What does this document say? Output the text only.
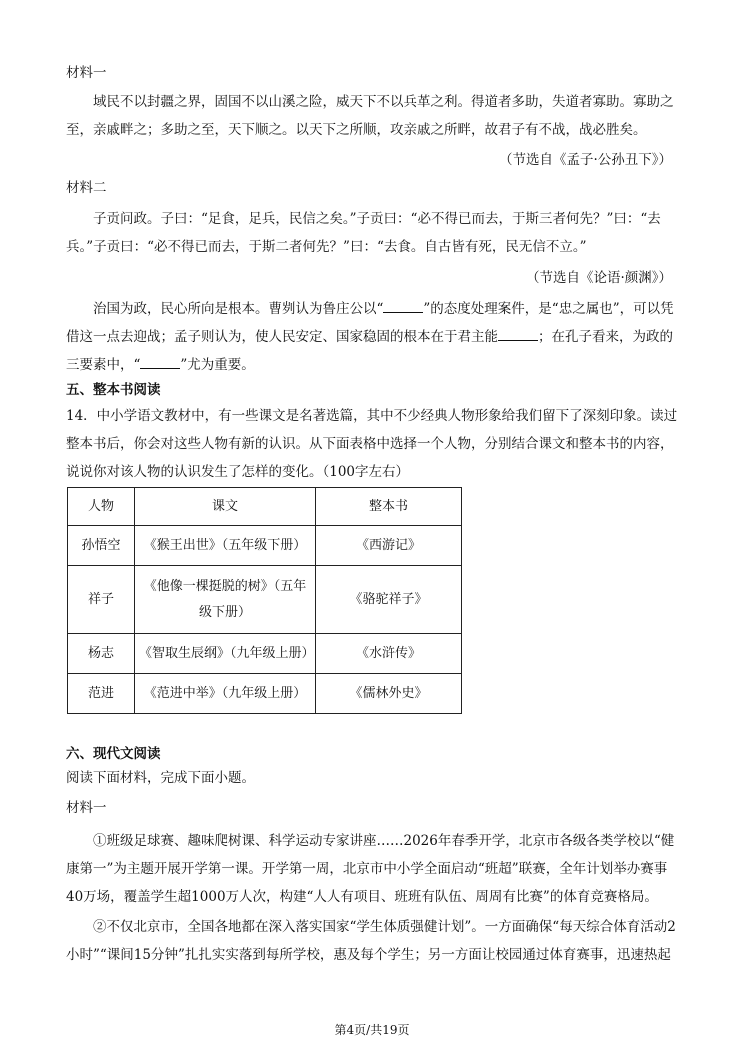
材料一

域民不以封疆之界，固国不以山溪之险，威天下不以兵革之利。得道者多助，失道者寡助。寡助之至，亲戚畔之；多助之至，天下顺之。以天下之所顺，攻亲戚之所畔，故君子有不战，战必胜矣。

（节选自《孟子·公孙丑下》）

材料二

子贡问政。子曰：“足食，足兵，民信之矣。”子贡曰：“必不得已而去，于斯三者何先？”曰：“去兵。”子贡曰：“必不得已而去，于斯二者何先？”曰：“去食。自古皆有死，民无信不立。”

（节选自《论语·颜渊》）

治国为政，民心所向是根本。曹刿认为鲁庄公以“	”的态度处理案件，是“忠之属也”，可以凭借这一点去迎战；孟子则认为，使人民安定、国家稳固的根本在于君主能	；在孔子看来，为政的三要素中，“	”尤为重要。

五、整本书阅读

14．中小学语文教材中，有一些课文是名著选篇，其中不少经典人物形象给我们留下了深刻印象。读过整本书后，你会对这些人物有新的认识。从下面表格中选择一个人物，分别结合课文和整本书的内容，说说你对该人物的认识发生了怎样的变化。（100字左右）

人物	课文	整本书
孙悟空	《猴王出世》（五年级下册）	《西游记》
祥子	《他像一棵挺脱的树》（五年级下册）	《骆驼祥子》
杨志	《智取生辰纲》（九年级上册）	《水浒传》
范进	《范进中举》（九年级上册）	《儒林外史》

六、现代文阅读

阅读下面材料，完成下面小题。

材料一

①班级足球赛、趣味爬树课、科学运动专家讲座……2026年春季开学，北京市各级各类学校以“健康第一”为主题开展开学第一课。开学第一周，北京市中小学全面启动“班超”联赛，全年计划举办赛事40万场，覆盖学生超1000万人次，构建“人人有项目、班班有队伍、周周有比赛”的体育竞赛格局。

②不仅北京市，全国各地都在深入落实国家“学生体质强健计划”。一方面确保“每天综合体育活动2小时”“课间15分钟”扎扎实实落到每所学校，惠及每个学生；另一方面让校园通过体育赛事，迅速热起

第4页/共19页
